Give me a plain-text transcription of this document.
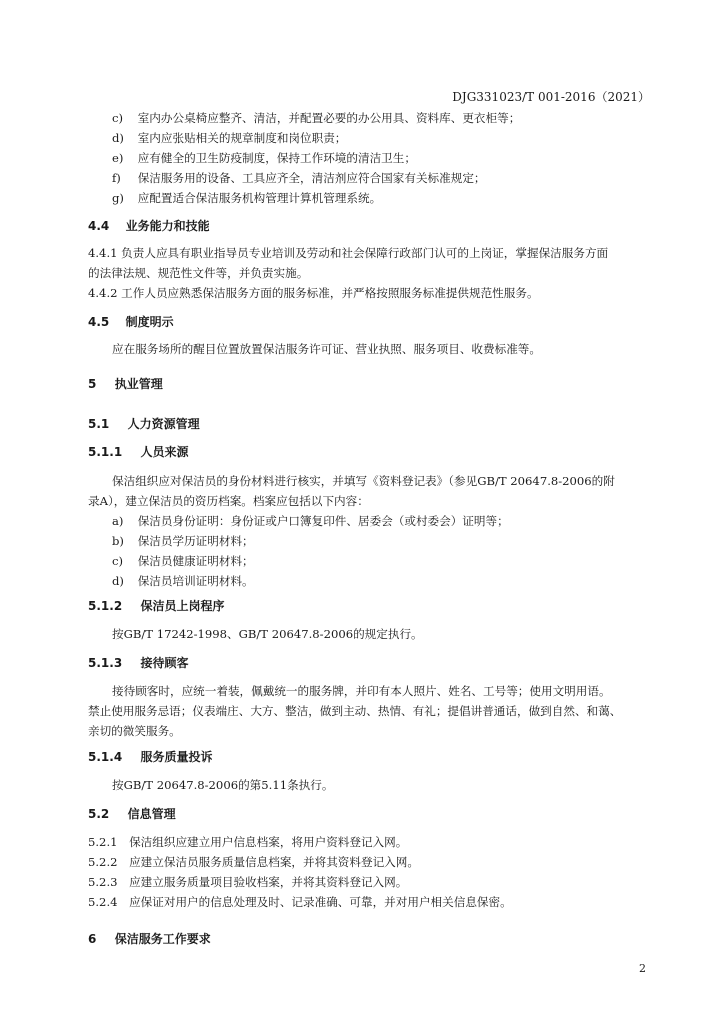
DJG331023/T 001-2016（2021）
c) 室内办公桌椅应整齐、清洁，并配置必要的办公用具、资料库、更衣柜等；
d) 室内应张贴相关的规章制度和岗位职责；
e) 应有健全的卫生防疫制度，保持工作环境的清洁卫生；
f) 保洁服务用的设备、工具应齐全，清洁剂应符合国家有关标准规定；
g) 应配置适合保洁服务机构管理计算机管理系统。
4.4 业务能力和技能
4.4.1 负责人应具有职业指导员专业培训及劳动和社会保障行政部门认可的上岗证，掌握保洁服务方面
的法律法规、规范性文件等，并负责实施。
4.4.2 工作人员应熟悉保洁服务方面的服务标准，并严格按照服务标准提供规范性服务。
4.5 制度明示
应在服务场所的醒目位置放置保洁服务许可证、营业执照、服务项目、收费标准等。
5 执业管理
5.1 人力资源管理
5.1.1 人员来源
保洁组织应对保洁员的身份材料进行核实，并填写《资料登记表》（参见GB/T 20647.8-2006的附
录A），建立保洁员的资历档案。档案应包括以下内容：
a) 保洁员身份证明：身份证或户口簿复印件、居委会（或村委会）证明等；
b) 保洁员学历证明材料；
c) 保洁员健康证明材料；
d) 保洁员培训证明材料。
5.1.2 保洁员上岗程序
按GB/T 17242-1998、GB/T 20647.8-2006的规定执行。
5.1.3 接待顾客
接待顾客时，应统一着装，佩戴统一的服务牌，并印有本人照片、姓名、工号等；使用文明用语。
禁止使用服务忌语；仪表端庄、大方、整洁，做到主动、热情、有礼；提倡讲普通话，做到自然、和蔼、
亲切的微笑服务。
5.1.4 服务质量投诉
按GB/T 20647.8-2006的第5.11条执行。
5.2 信息管理
5.2.1　保洁组织应建立用户信息档案，将用户资料登记入网。
5.2.2　应建立保洁员服务质量信息档案，并将其资料登记入网。
5.2.3　应建立服务质量项目验收档案，并将其资料登记入网。
5.2.4　应保证对用户的信息处理及时、记录准确、可靠，并对用户相关信息保密。
6 保洁服务工作要求
2
